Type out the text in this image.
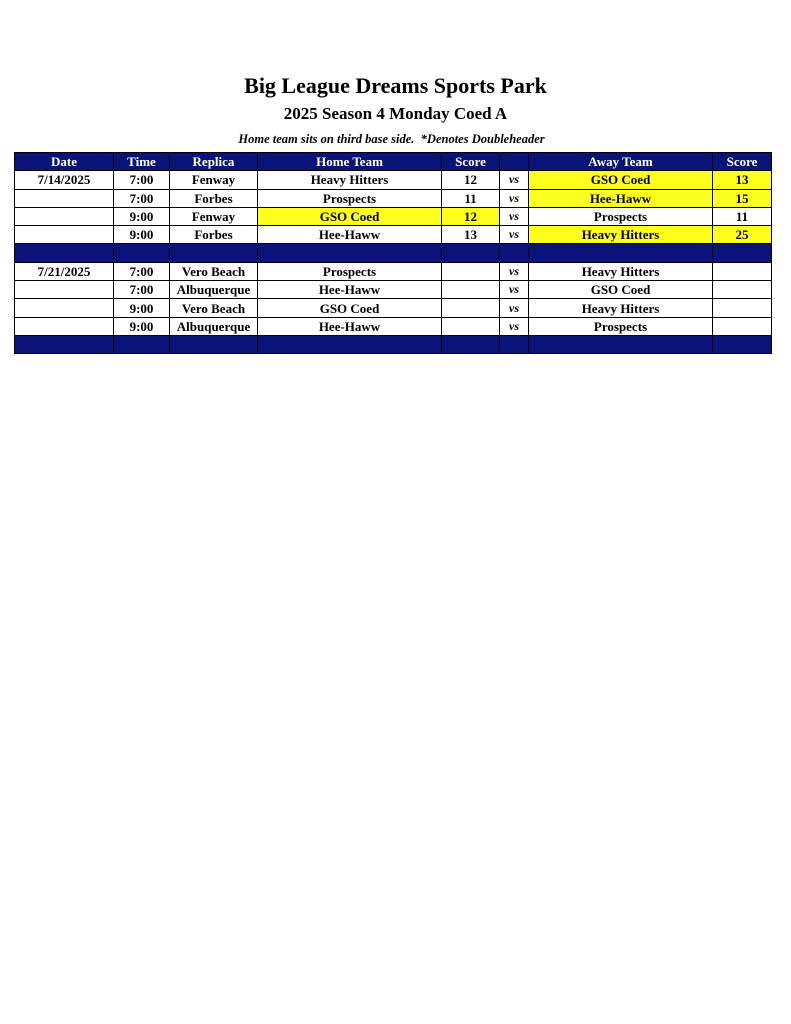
Big League Dreams Sports Park
2025 Season 4 Monday Coed A
Home team sits on third base side.  *Denotes Doubleheader
Date	Time	Replica	Home Team	Score		Away Team	Score
7/14/2025	7:00	Fenway	Heavy Hitters	12	vs	GSO Coed	13
	7:00	Forbes	Prospects	11	vs	Hee-Haww	15
	9:00	Fenway	GSO Coed	12	vs	Prospects	11
	9:00	Forbes	Hee-Haww	13	vs	Heavy Hitters	25

7/21/2025	7:00	Vero Beach	Prospects		vs	Heavy Hitters	
	7:00	Albuquerque	Hee-Haww		vs	GSO Coed	
	9:00	Vero Beach	GSO Coed		vs	Heavy Hitters	
	9:00	Albuquerque	Hee-Haww		vs	Prospects	
